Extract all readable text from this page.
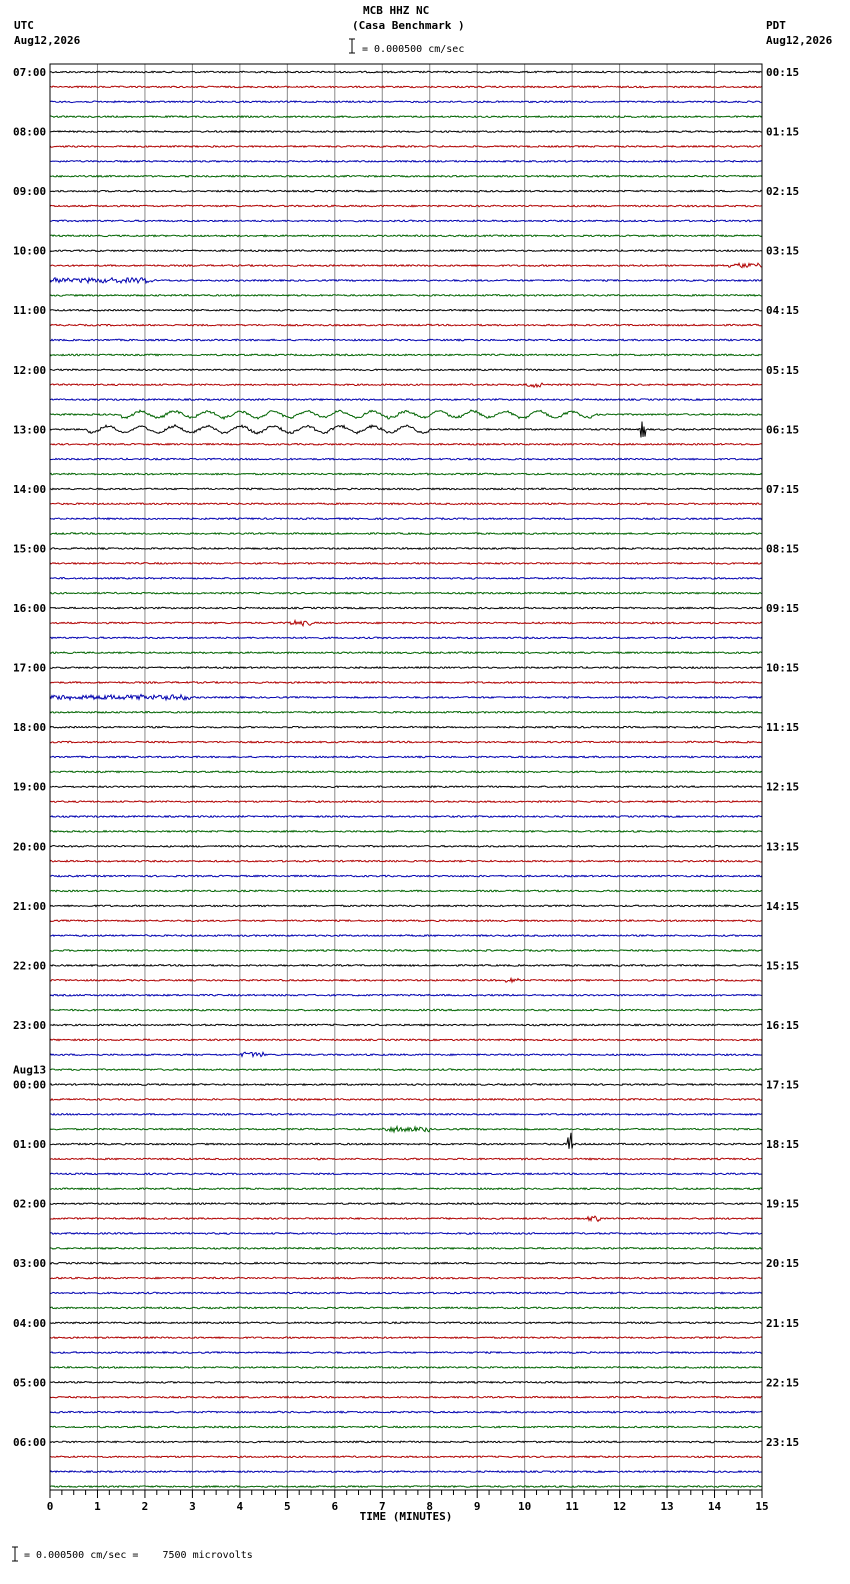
MCB HHZ NC
(Casa Benchmark )
UTC
Aug12,2026
PDT
Aug12,2026
= 0.000500 cm/sec
= 0.000500 cm/sec =    7500 microvolts
0	1	2	3	4	5	6	7	8	9	10	11	12	13	14	15
TIME (MINUTES)
07:00
08:00
09:00
10:00
11:00
12:00
13:00
14:00
15:00
16:00
17:00
18:00
19:00
20:00
21:00
22:00
23:00
00:00
Aug13
01:00
02:00
03:00
04:00
05:00
06:00
00:15
01:15
02:15
03:15
04:15
05:15
06:15
07:15
08:15
09:15
10:15
11:15
12:15
13:15
14:15
15:15
16:15
17:15
18:15
19:15
20:15
21:15
22:15
23:15
